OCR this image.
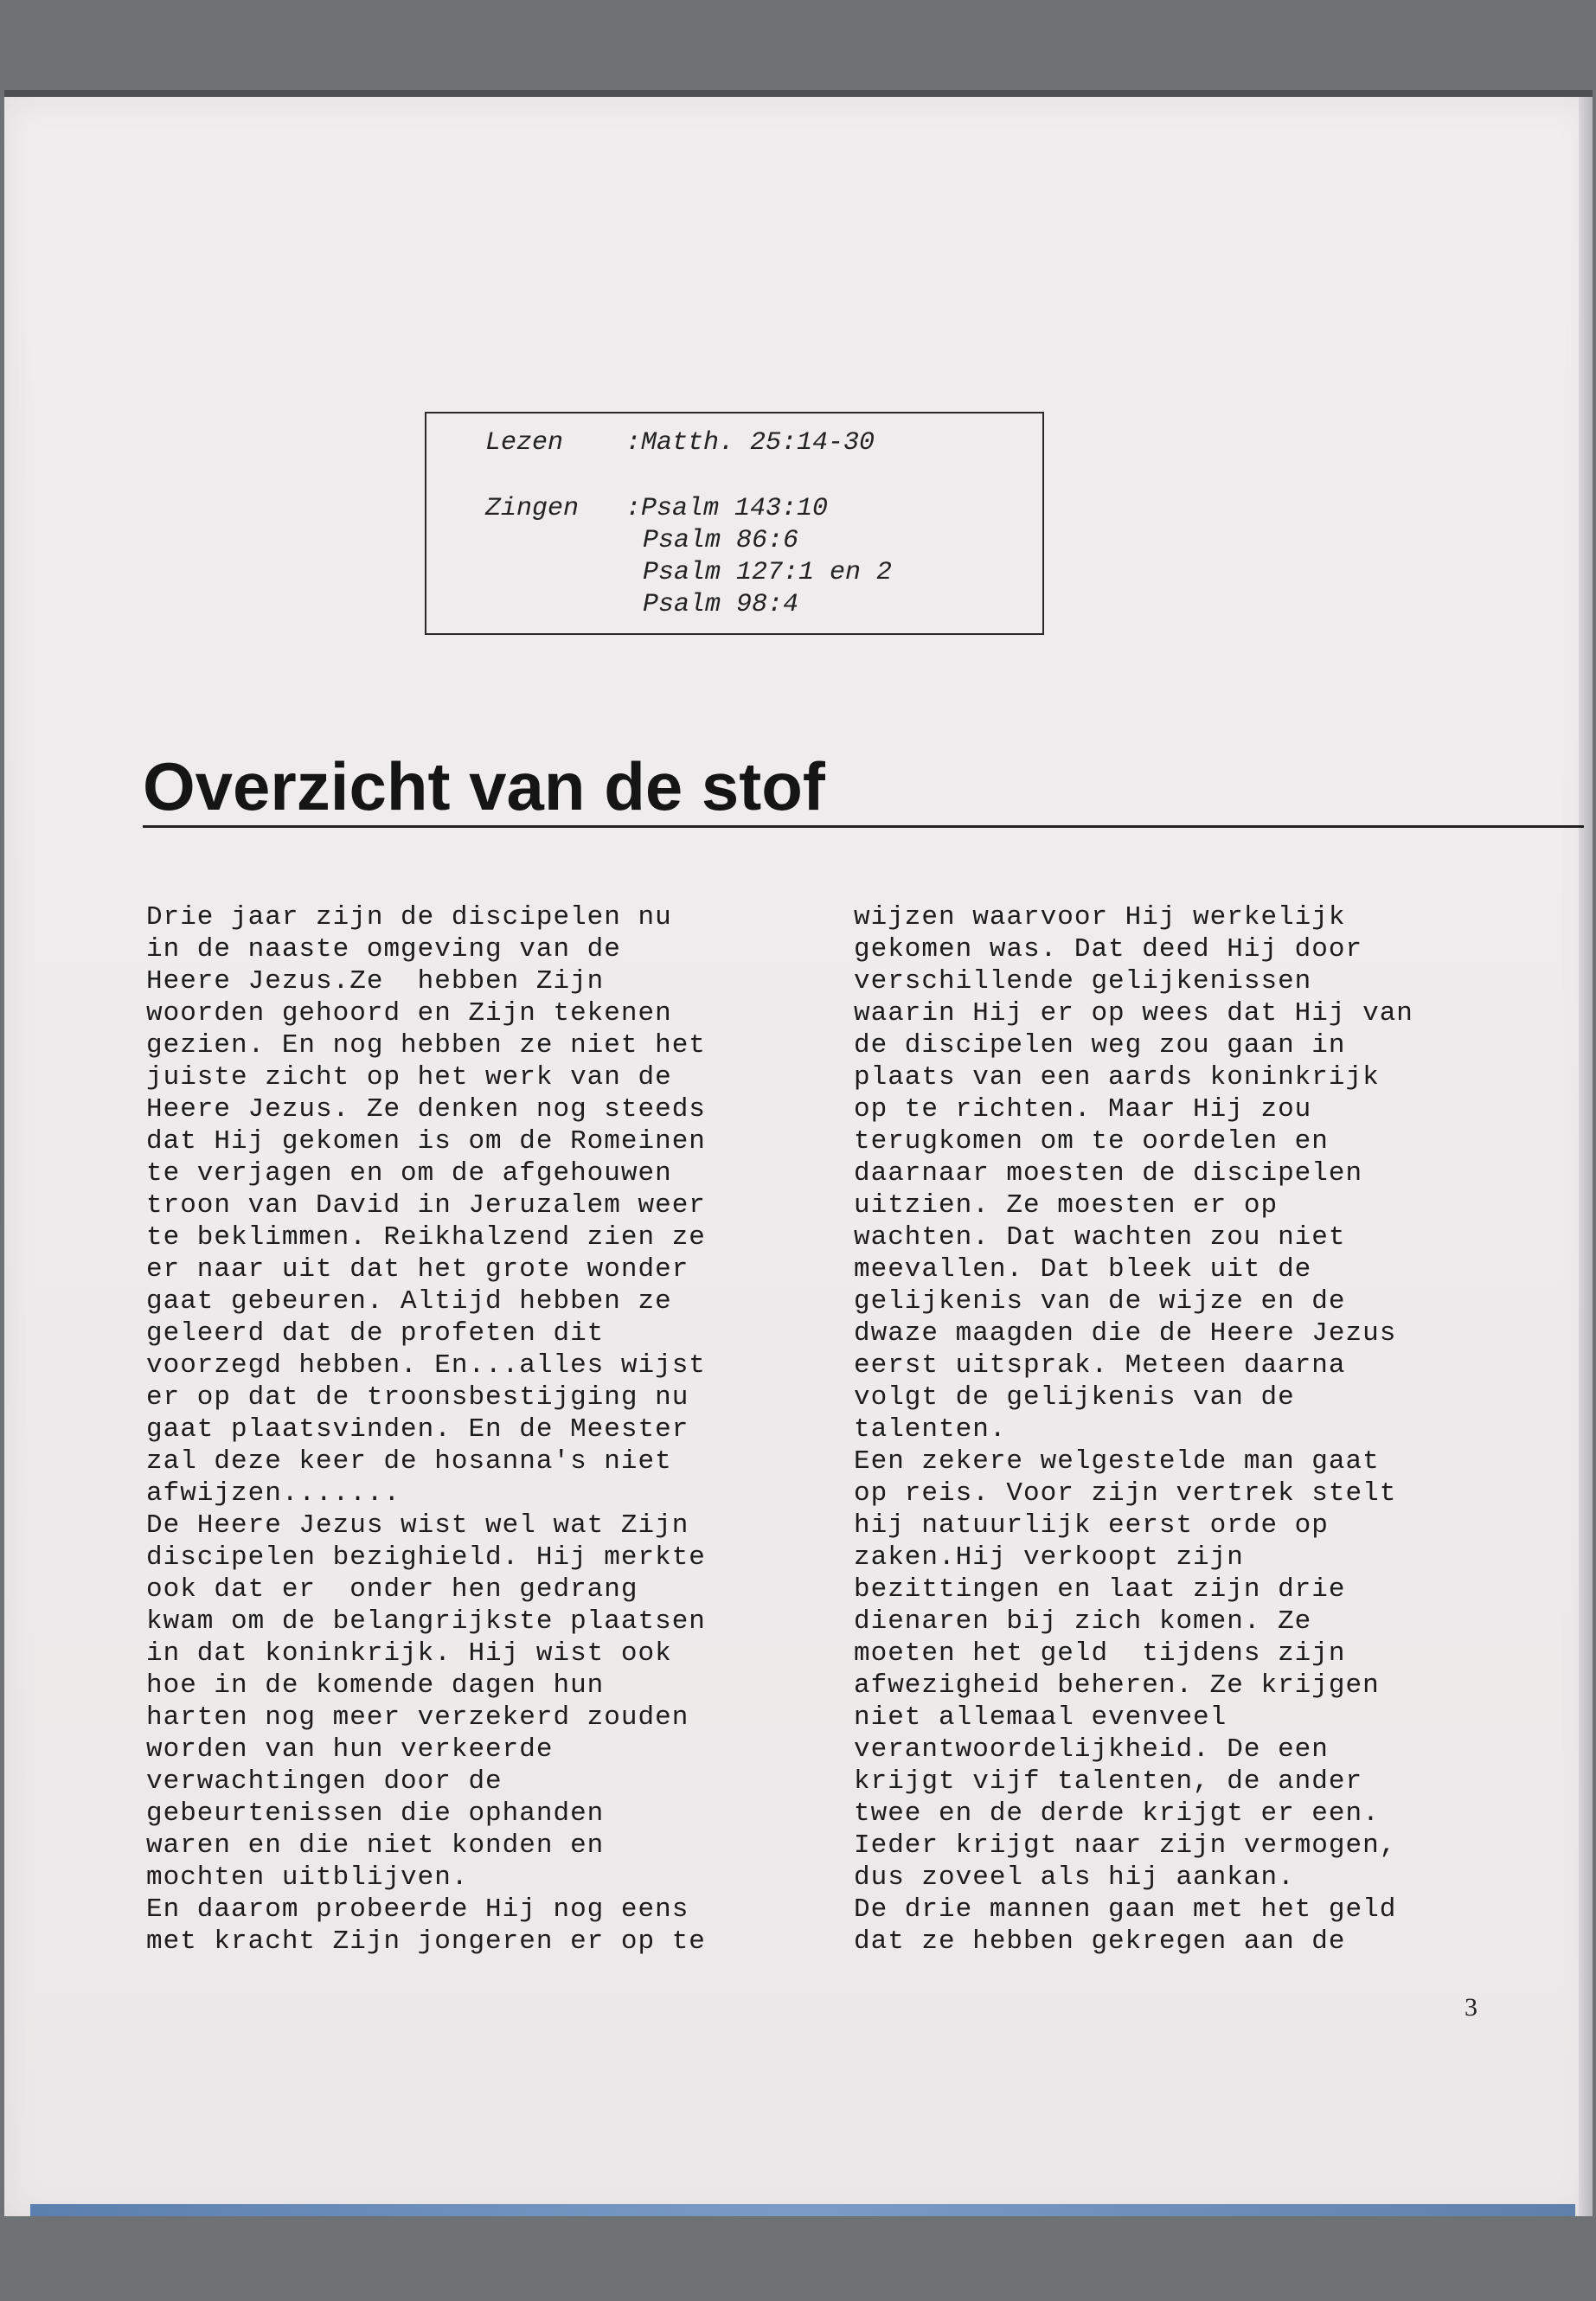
Lezen :Matth. 25:14-30
Zingen :Psalm 143:10
Psalm 86:6
Psalm 127:1 en 2
Psalm 98:4
Overzicht van de stof
Drie jaar zijn de discipelen nu
in de naaste omgeving van de
Heere Jezus.Ze  hebben Zijn
woorden gehoord en Zijn tekenen
gezien. En nog hebben ze niet het
juiste zicht op het werk van de
Heere Jezus. Ze denken nog steeds
dat Hij gekomen is om de Romeinen
te verjagen en om de afgehouwen
troon van David in Jeruzalem weer
te beklimmen. Reikhalzend zien ze
er naar uit dat het grote wonder
gaat gebeuren. Altijd hebben ze
geleerd dat de profeten dit
voorzegd hebben. En...alles wijst
er op dat de troonsbestijging nu
gaat plaatsvinden. En de Meester
zal deze keer de hosanna's niet
afwijzen.......
De Heere Jezus wist wel wat Zijn
discipelen bezighield. Hij merkte
ook dat er  onder hen gedrang
kwam om de belangrijkste plaatsen
in dat koninkrijk. Hij wist ook
hoe in de komende dagen hun
harten nog meer verzekerd zouden
worden van hun verkeerde
verwachtingen door de
gebeurtenissen die ophanden
waren en die niet konden en
mochten uitblijven.
En daarom probeerde Hij nog eens
met kracht Zijn jongeren er op te
wijzen waarvoor Hij werkelijk
gekomen was. Dat deed Hij door
verschillende gelijkenissen
waarin Hij er op wees dat Hij van
de discipelen weg zou gaan in
plaats van een aards koninkrijk
op te richten. Maar Hij zou
terugkomen om te oordelen en
daarnaar moesten de discipelen
uitzien. Ze moesten er op
wachten. Dat wachten zou niet
meevallen. Dat bleek uit de
gelijkenis van de wijze en de
dwaze maagden die de Heere Jezus
eerst uitsprak. Meteen daarna
volgt de gelijkenis van de
talenten.
Een zekere welgestelde man gaat
op reis. Voor zijn vertrek stelt
hij natuurlijk eerst orde op
zaken.Hij verkoopt zijn
bezittingen en laat zijn drie
dienaren bij zich komen. Ze
moeten het geld  tijdens zijn
afwezigheid beheren. Ze krijgen
niet allemaal evenveel
verantwoordelijkheid. De een
krijgt vijf talenten, de ander
twee en de derde krijgt er een.
Ieder krijgt naar zijn vermogen,
dus zoveel als hij aankan.
De drie mannen gaan met het geld
dat ze hebben gekregen aan de
3
